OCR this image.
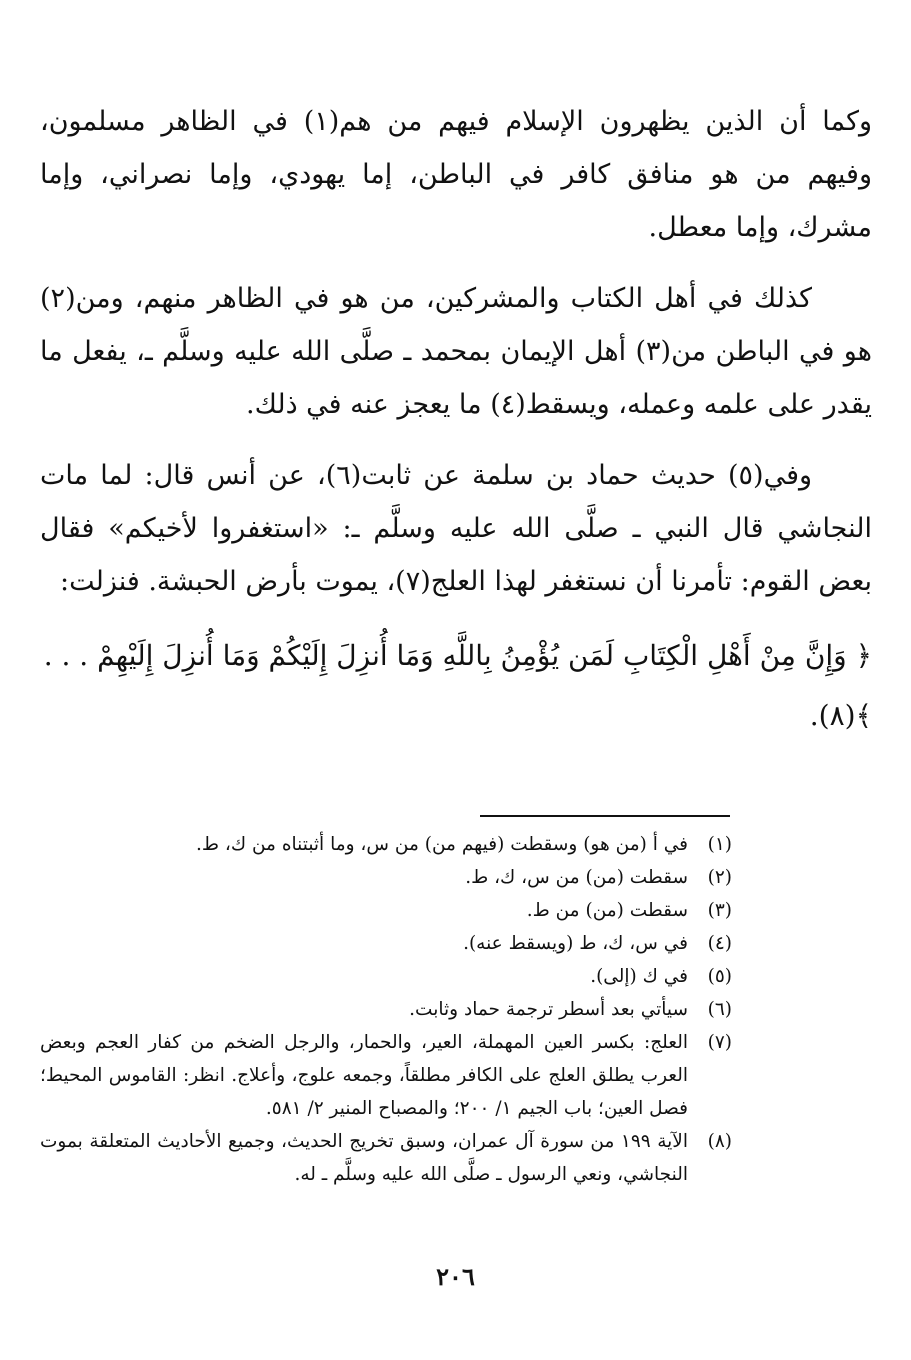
وكما أن الذين يظهرون الإسلام فيهم من هم(١) في الظاهر مسلمون، وفيهم من هو منافق كافر في الباطن، إما يهودي، وإما نصراني، وإما مشرك، وإما معطل.

كذلك في أهل الكتاب والمشركين، من هو في الظاهر منهم، ومن(٢) هو في الباطن من(٣) أهل الإيمان بمحمد ـ صلَّى الله عليه وسلَّم ـ، يفعل ما يقدر على علمه وعمله، ويسقط(٤) ما يعجز عنه في ذلك.

وفي(٥) حديث حماد بن سلمة عن ثابت(٦)، عن أنس قال: لما مات النجاشي قال النبي ـ صلَّى الله عليه وسلَّم ـ: «استغفروا لأخيكم» فقال بعض القوم: تأمرنا أن نستغفر لهذا العلج(٧)، يموت بأرض الحبشة. فنزلت:

﴿ وَإِنَّ مِنْ أَهْلِ الْكِتَابِ لَمَن يُؤْمِنُ بِاللَّهِ وَمَا أُنزِلَ إِلَيْكُمْ وَمَا أُنزِلَ إِلَيْهِمْ . . . ﴾(٨).

(١)
في أ (من هو) وسقطت (فيهم من) من س، وما أثبتناه من ك، ط.
(٢)
سقطت (من) من س، ك، ط.
(٣)
سقطت (من) من ط.
(٤)
في س، ك، ط (ويسقط عنه).
(٥)
في ك (إلى).
(٦)
سيأتي بعد أسطر ترجمة حماد وثابت.
(٧)
العلج: بكسر العين المهملة، العير، والحمار، والرجل الضخم من كفار العجم وبعض العرب يطلق العلج على الكافر مطلقاً، وجمعه علوج، وأعلاج. انظر: القاموس المحيط؛ فصل العين؛ باب الجيم ١/ ٢٠٠؛ والمصباح المنير ٢/ ٥٨١.
(٨)
الآية ١٩٩ من سورة آل عمران، وسبق تخريج الحديث، وجميع الأحاديث المتعلقة بموت النجاشي، ونعي الرسول ـ صلَّى الله عليه وسلَّم ـ له.
٢٠٦
